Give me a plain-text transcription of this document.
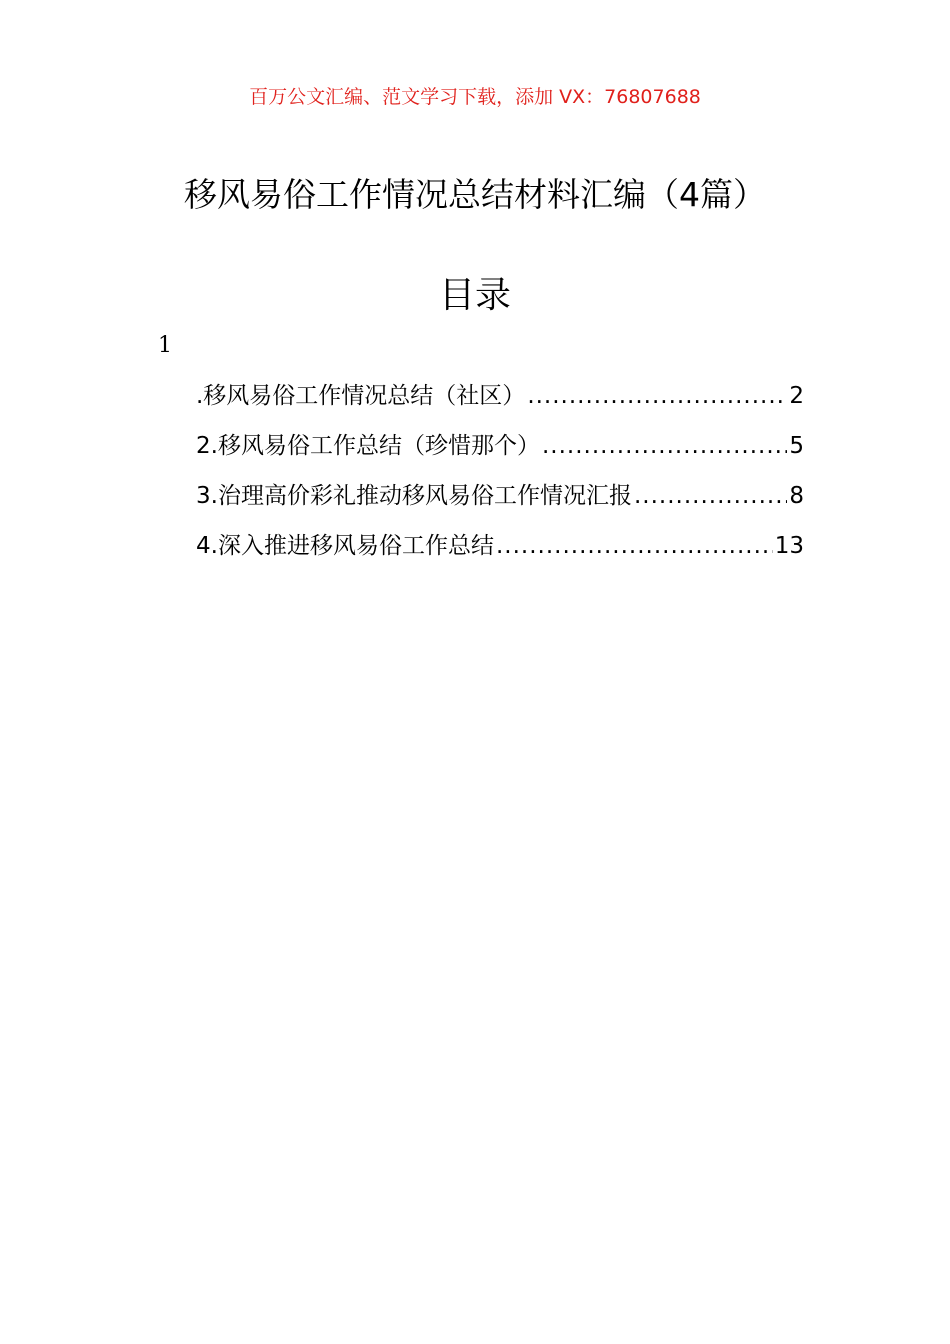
百万公文汇编、范文学习下载，添加 VX：76807688
移风易俗工作情况总结材料汇编（4篇）
目录
1
.移风易俗工作情况总结（社区） .....	2
2.移风易俗工作总结（珍惜那个） .....	5
3.治理高价彩礼推动移风易俗工作情况汇报 .....	8
4.深入推进移风易俗工作总结 .....	13
